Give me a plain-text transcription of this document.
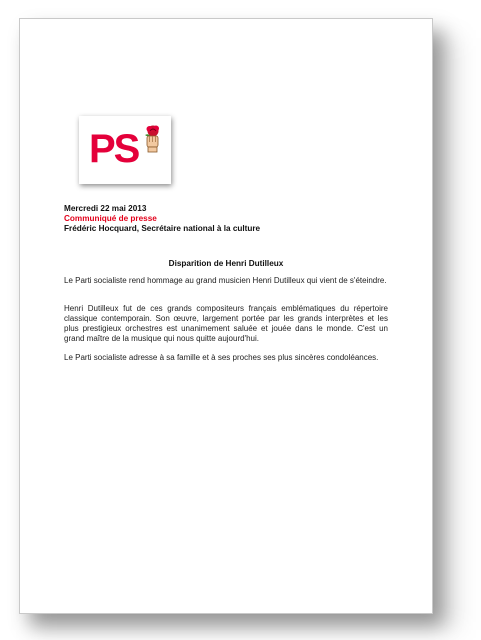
PS
Mercredi 22 mai 2013
Communiqué de presse
Frédéric Hocquard, Secrétaire national à la culture
Disparition de Henri Dutilleux
Le Parti socialiste rend hommage au grand musicien Henri Dutilleux qui vient de s'éteindre.
Henri Dutilleux fut de ces grands compositeurs français emblématiques du répertoire classique contemporain. Son œuvre, largement portée par les grands interprètes et les plus prestigieux orchestres est unanimement saluée et jouée dans le monde. C'est un grand maître de la musique qui nous quitte aujourd'hui.
Le Parti socialiste adresse à sa famille et à ses proches ses plus sincères condoléances.
